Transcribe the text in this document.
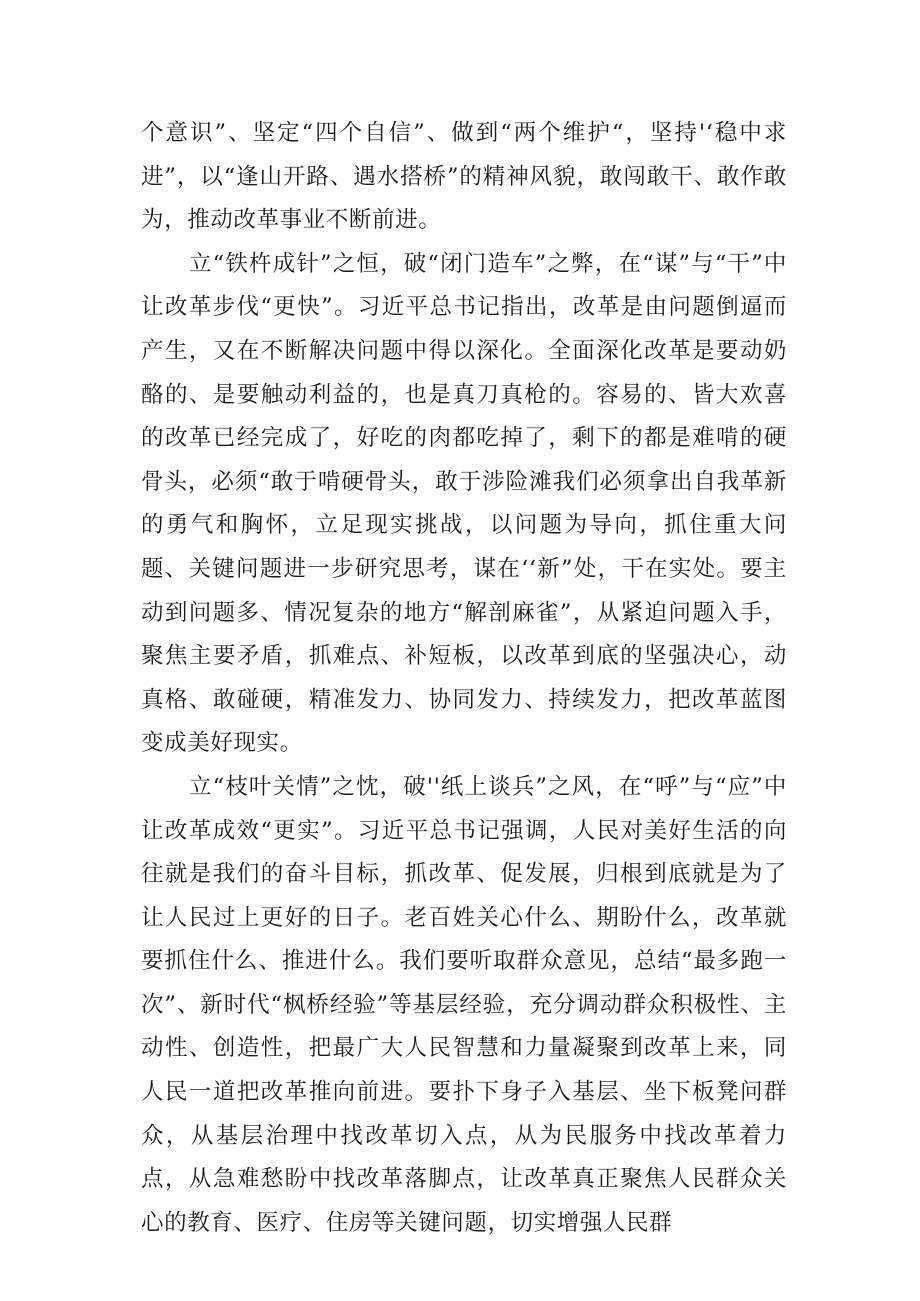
个意识”、坚定“四个自信”、做到“两个维护“，坚持'‘稳中求进”，以“逢山开路、遇水搭桥”的精神风貌，敢闯敢干、敢作敢为，推动改革事业不断前进。

立“铁杵成针”之恒，破“闭门造车”之弊，在“谋”与“干”中让改革步伐“更快”。习近平总书记指出，改革是由问题倒逼而产生，又在不断解决问题中得以深化。全面深化改革是要动奶酪的、是要触动利益的，也是真刀真枪的。容易的、皆大欢喜的改革已经完成了，好吃的肉都吃掉了，剩下的都是难啃的硬骨头，必须“敢于啃硬骨头，敢于涉险滩我们必须拿出自我革新的勇气和胸怀，立足现实挑战，以问题为导向，抓住重大问题、关键问题进一步研究思考，谋在‘‘新”处，干在实处。要主动到问题多、情况复杂的地方“解剖麻雀”，从紧迫问题入手，聚焦主要矛盾，抓难点、补短板，以改革到底的坚强决心，动真格、敢碰硬，精准发力、协同发力、持续发力，把改革蓝图变成美好现实。

立“枝叶关情”之忱，破''纸上谈兵”之风，在“呼”与“应”中让改革成效“更实”。习近平总书记强调，人民对美好生活的向往就是我们的奋斗目标，抓改革、促发展，归根到底就是为了让人民过上更好的日子。老百姓关心什么、期盼什么，改革就要抓住什么、推进什么。我们要听取群众意见，总结“最多跑一次”、新时代“枫桥经验”等基层经验，充分调动群众积极性、主动性、创造性，把最广大人民智慧和力量凝聚到改革上来，同人民一道把改革推向前进。要扑下身子入基层、坐下板凳问群众，从基层治理中找改革切入点，从为民服务中找改革着力点，从急难愁盼中找改革落脚点，让改革真正聚焦人民群众关心的教育、医疗、住房等关键问题，切实增强人民群
